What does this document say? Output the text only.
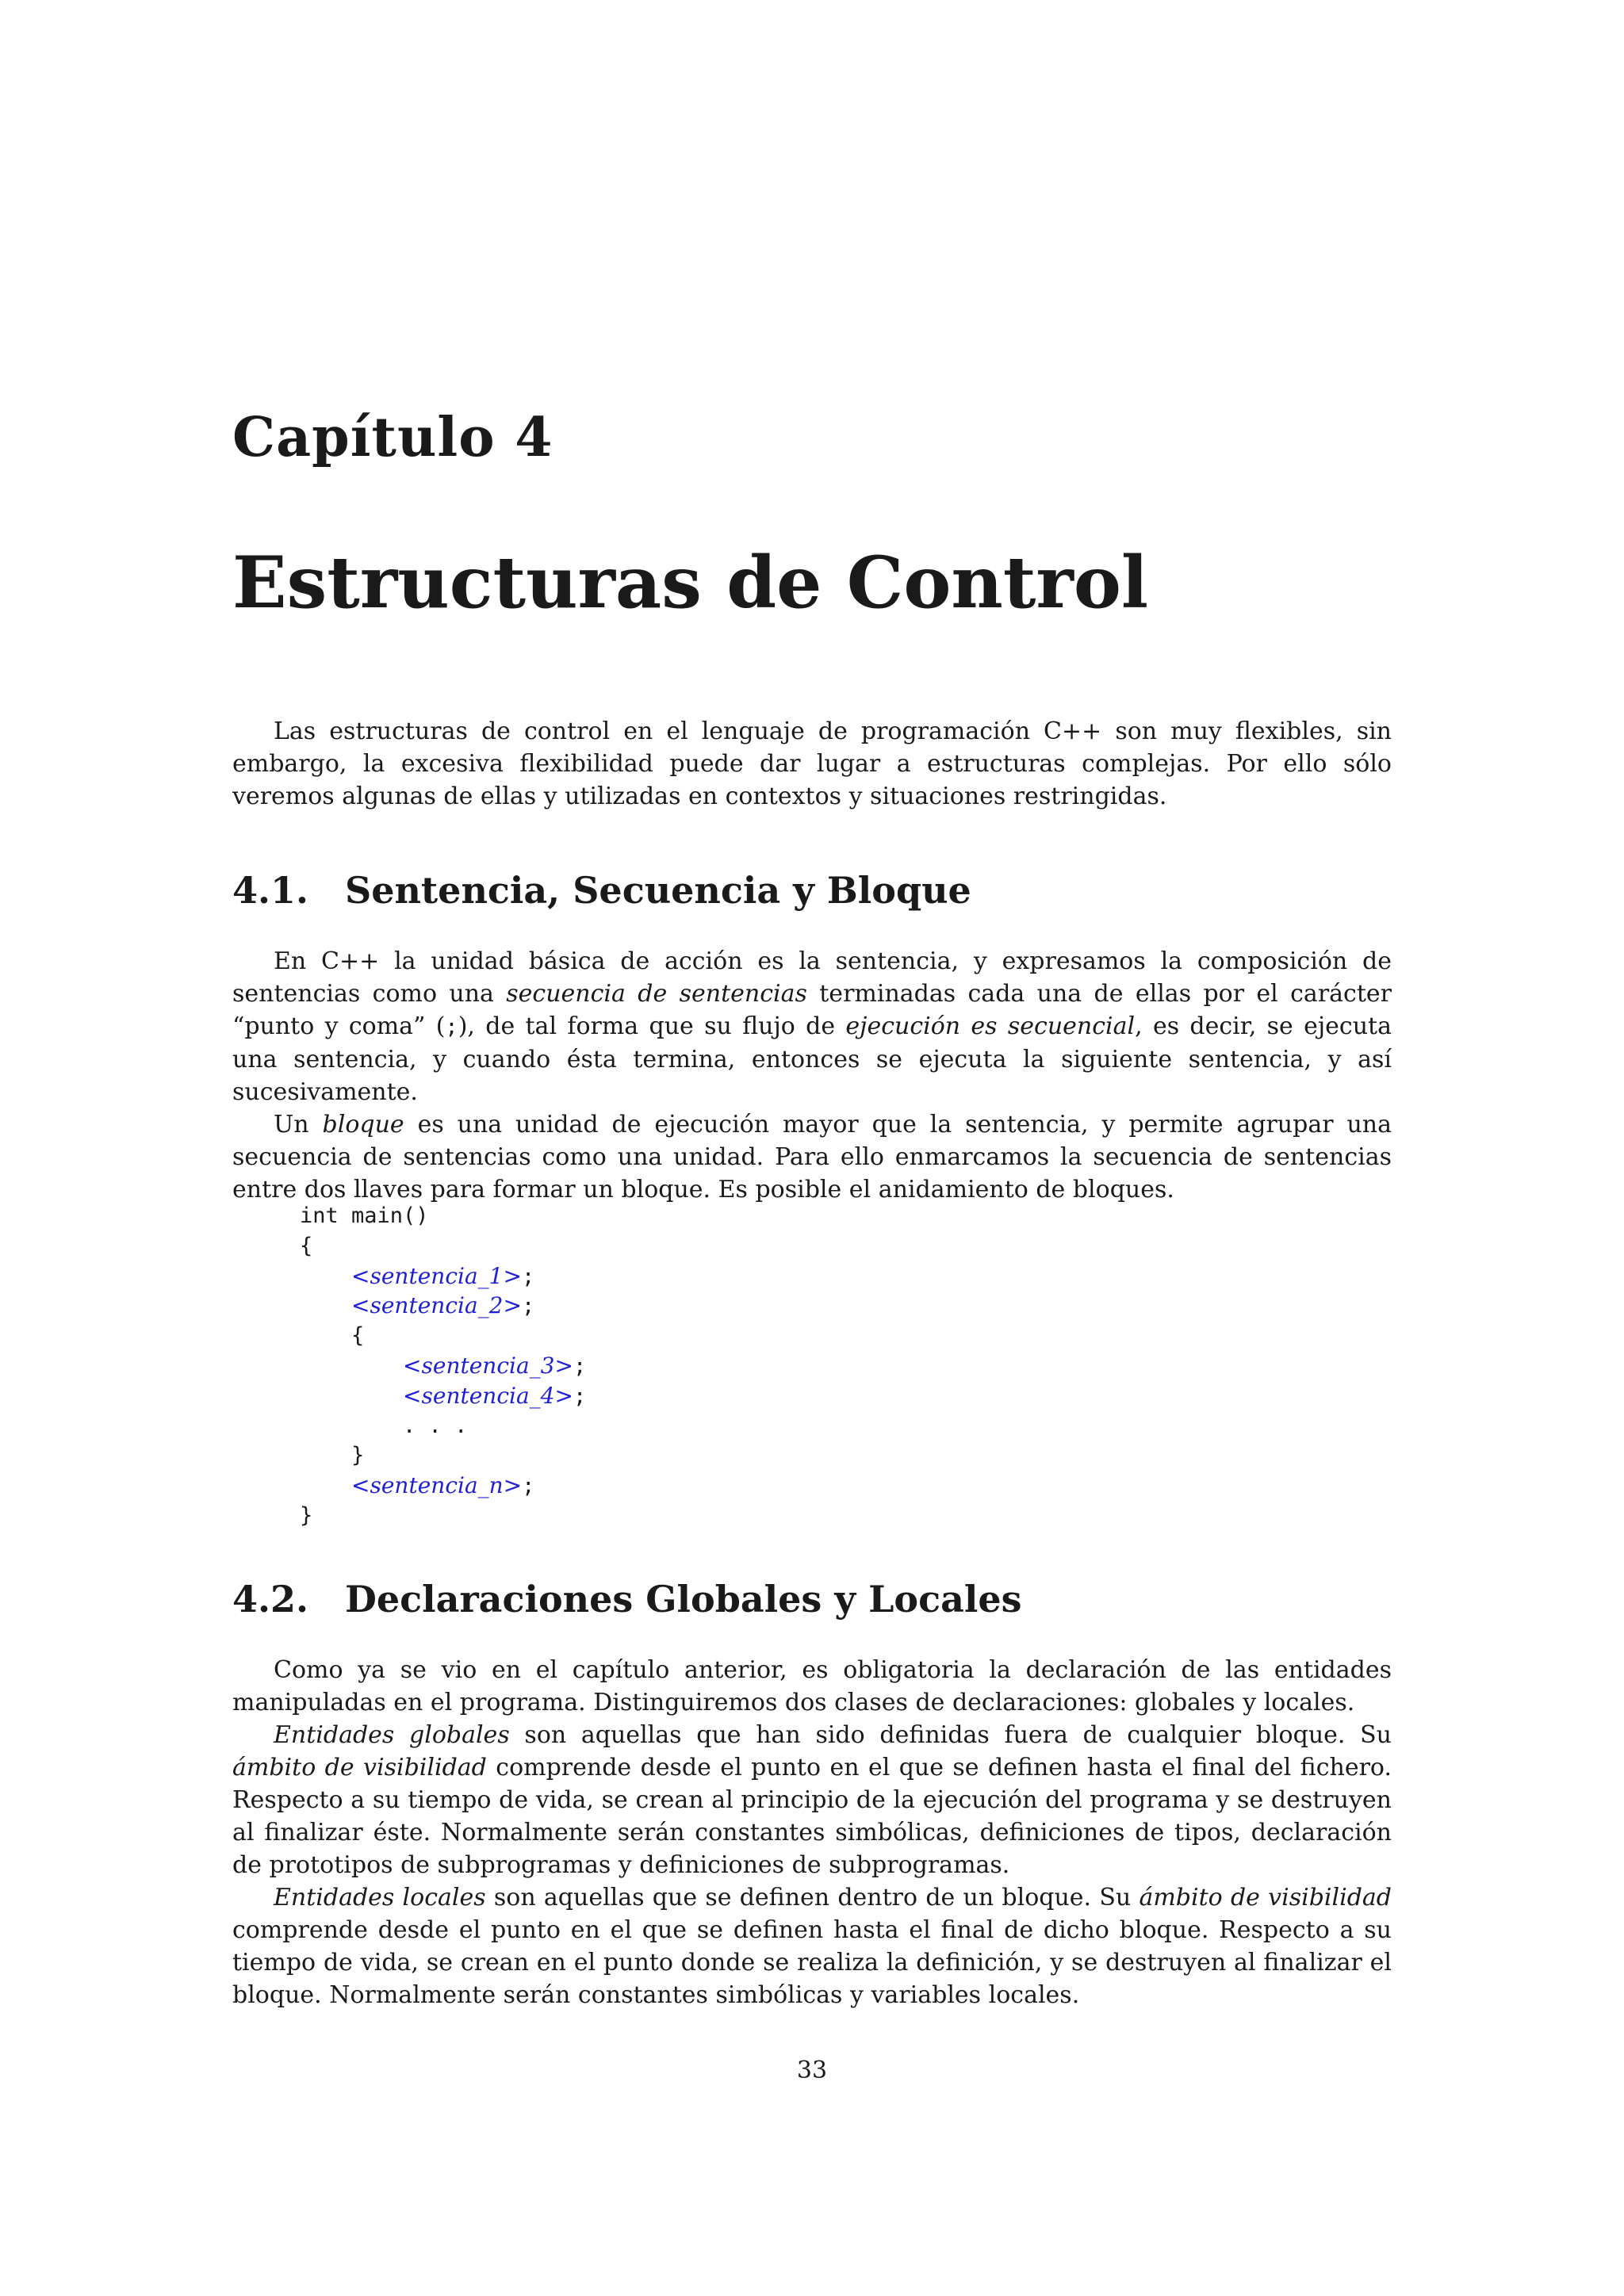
Capítulo 4
Estructuras de Control

Las estructuras de control en el lenguaje de programación C++ son muy flexibles, sin embargo, la excesiva flexibilidad puede dar lugar a estructuras complejas. Por ello sólo veremos algunas de ellas y utilizadas en contextos y situaciones restringidas.

4.1. Sentencia, Secuencia y Bloque

En C++ la unidad básica de acción es la sentencia, y expresamos la composición de sentencias como una secuencia de sentencias terminadas cada una de ellas por el carácter “punto y coma” (;), de tal forma que su flujo de ejecución es secuencial, es decir, se ejecuta una sentencia, y cuando ésta termina, entonces se ejecuta la siguiente sentencia, y así sucesivamente.

Un bloque es una unidad de ejecución mayor que la sentencia, y permite agrupar una secuencia de sentencias como una unidad. Para ello enmarcamos la secuencia de sentencias entre dos llaves para formar un bloque. Es posible el anidamiento de bloques.

int main()
{
<sentencia_1>;
<sentencia_2>;
{
<sentencia_3>;
<sentencia_4>;
. . .
}
<sentencia_n>;
}
4.2. Declaraciones Globales y Locales

Como ya se vio en el capítulo anterior, es obligatoria la declaración de las entidades manipuladas en el programa. Distinguiremos dos clases de declaraciones: globales y locales.

Entidades globales son aquellas que han sido definidas fuera de cualquier bloque. Su ámbito de visibilidad comprende desde el punto en el que se definen hasta el final del fichero. Respecto a su tiempo de vida, se crean al principio de la ejecución del programa y se destruyen al finalizar éste. Normalmente serán constantes simbólicas, definiciones de tipos, declaración de prototipos de subprogramas y definiciones de subprogramas.

Entidades locales son aquellas que se definen dentro de un bloque. Su ámbito de visibilidad comprende desde el punto en el que se definen hasta el final de dicho bloque. Respecto a su tiempo de vida, se crean en el punto donde se realiza la definición, y se destruyen al finalizar el bloque. Normalmente serán constantes simbólicas y variables locales.

33
